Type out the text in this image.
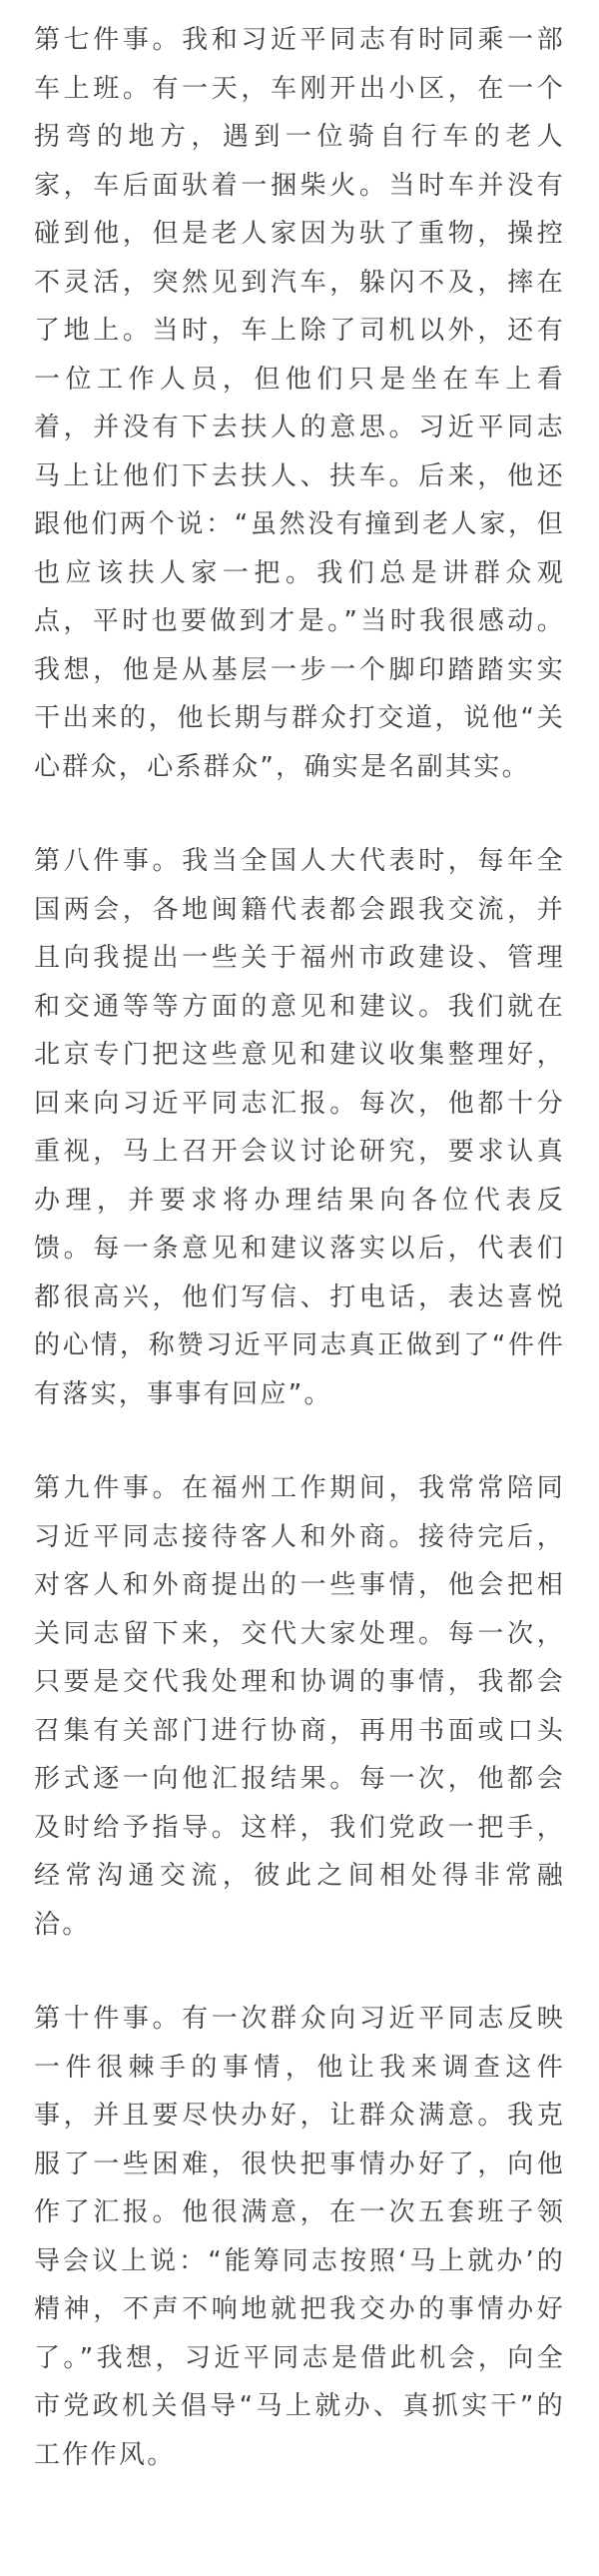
第七件事。我和习近平同志有时同乘一部车上班。有一天，车刚开出小区，在一个拐弯的地方，遇到一位骑自行车的老人家，车后面驮着一捆柴火。当时车并没有碰到他，但是老人家因为驮了重物，操控不灵活，突然见到汽车，躲闪不及，摔在了地上。当时，车上除了司机以外，还有一位工作人员，但他们只是坐在车上看着，并没有下去扶人的意思。习近平同志马上让他们下去扶人、扶车。后来，他还跟他们两个说：“虽然没有撞到老人家，但也应该扶人家一把。我们总是讲群众观点，平时也要做到才是。”当时我很感动。我想，他是从基层一步一个脚印踏踏实实干出来的，他长期与群众打交道，说他“关心群众，心系群众”，确实是名副其实。

第八件事。我当全国人大代表时，每年全国两会，各地闽籍代表都会跟我交流，并且向我提出一些关于福州市政建设、管理和交通等等方面的意见和建议。我们就在北京专门把这些意见和建议收集整理好，回来向习近平同志汇报。每次，他都十分重视，马上召开会议讨论研究，要求认真办理，并要求将办理结果向各位代表反馈。每一条意见和建议落实以后，代表们都很高兴，他们写信、打电话，表达喜悦的心情，称赞习近平同志真正做到了“件件有落实，事事有回应”。

第九件事。在福州工作期间，我常常陪同习近平同志接待客人和外商。接待完后，对客人和外商提出的一些事情，他会把相关同志留下来，交代大家处理。每一次，只要是交代我处理和协调的事情，我都会召集有关部门进行协商，再用书面或口头形式逐一向他汇报结果。每一次，他都会及时给予指导。这样，我们党政一把手，经常沟通交流，彼此之间相处得非常融洽。

第十件事。有一次群众向习近平同志反映一件很棘手的事情，他让我来调查这件事，并且要尽快办好，让群众满意。我克服了一些困难，很快把事情办好了，向他作了汇报。他很满意，在一次五套班子领导会议上说：“能筹同志按照‘马上就办’的精神，不声不响地就把我交办的事情办好了。”我想，习近平同志是借此机会，向全市党政机关倡导“马上就办、真抓实干”的工作作风。
